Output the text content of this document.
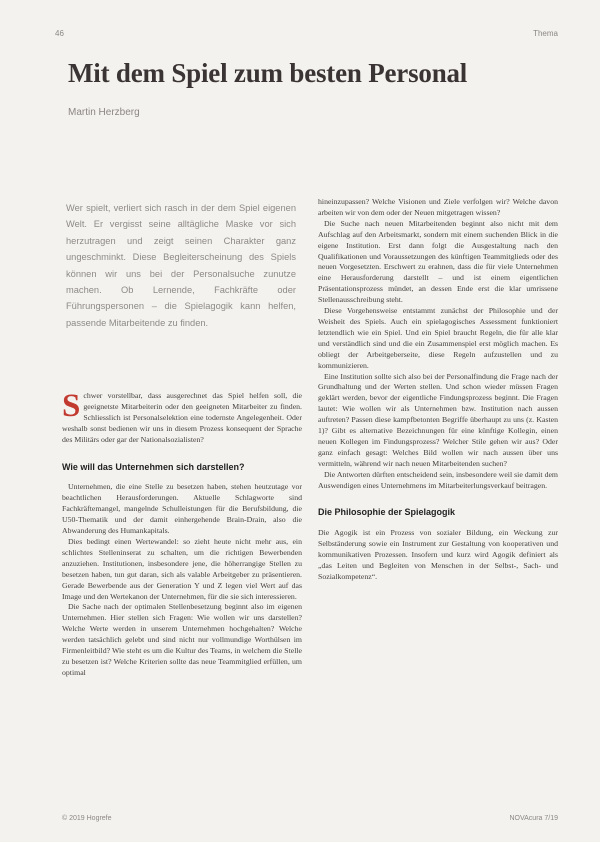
46	Thema
Mit dem Spiel zum besten Personal
Martin Herzberg
Wer spielt, verliert sich rasch in der dem Spiel eigenen Welt. Er vergisst seine alltägliche Maske vor sich herzutragen und zeigt seinen Charakter ganz ungeschminkt. Diese Begleiterscheinung des Spiels können wir uns bei der Personalsuche zunutze machen. Ob Lernende, Fachkräfte oder Führungspersonen – die Spielagogik kann helfen, passende Mitarbeitende zu finden.

Schwer vorstellbar, dass ausgerechnet das Spiel helfen soll, die geeignetste Mitarbeiterin oder den geeigneten Mitarbeiter zu finden. Schliesslich ist Personalselektion eine todernste Angelegenheit. Oder weshalb sonst bedienen wir uns in diesem Prozess konsequent der Sprache des Militärs oder gar der Nationalsozialisten?

Wie will das Unternehmen sich darstellen?

Unternehmen, die eine Stelle zu besetzen haben, stehen heutzutage vor beachtlichen Herausforderungen. Aktuelle Schlagworte sind Fachkräftemangel, mangelnde Schulleistungen für die Berufsbildung, die U50-Thematik und der damit einhergehende Brain-Drain, also die Abwanderung des Humankapitals.

Dies bedingt einen Wertewandel: so zieht heute nicht mehr aus, ein schlichtes Stelleninserat zu schalten, um die richtigen Bewerbenden anzuziehen. Institutionen, insbesondere jene, die höherrangige Stellen zu besetzen haben, tun gut daran, sich als valable Arbeitgeber zu präsentieren. Gerade Bewerbende aus der Generation Y und Z legen viel Wert auf das Image und den Wertekanon der Unternehmen, für die sie sich interessieren.

Die Sache nach der optimalen Stellenbesetzung beginnt also im eigenen Unternehmen. Hier stellen sich Fragen: Wie wollen wir uns darstellen? Welche Werte werden in unserem Unternehmen hochgehalten? Welche werden tatsächlich gelebt und sind nicht nur vollmundige Worthülsen im Firmenleitbild? Wie steht es um die Kultur des Teams, in welchem die Stelle zu besetzen ist? Welche Kriterien sollte das neue Teammitglied erfüllen, um optimal

hineinzupassen? Welche Visionen und Ziele verfolgen wir? Welche davon arbeiten wir von dem oder der Neuen mitgetragen wissen?

Die Suche nach neuen Mitarbeitenden beginnt also nicht mit dem Aufschlag auf den Arbeitsmarkt, sondern mit einem suchenden Blick in die eigene Institution. Erst dann folgt die Ausgestaltung nach den Qualifikationen und Voraussetzungen des künftigen Teammitglieds oder des neuen Vorgesetzten. Erschwert zu erahnen, dass die für viele Unternehmen eine Herausforderung darstellt – und ist einem eigentlichen Präsentationsprozess mündet, an dessen Ende erst die klar umrissene Stellenausschreibung steht.

Diese Vorgehensweise entstammt zunächst der Philosophie und der Weisheit des Spiels. Auch ein spielagogisches Assessment funktioniert letztendlich wie ein Spiel. Und ein Spiel braucht Regeln, die für alle klar und verständlich sind und die ein Zusammenspiel erst möglich machen. Es obliegt der Arbeitgeberseite, diese Regeln aufzustellen und zu kommunizieren.

Eine Institution sollte sich also bei der Personalfindung die Frage nach der Grundhaltung und der Werten stellen. Und schon wieder müssen Fragen geklärt werden, bevor der eigentliche Findungsprozess beginnt. Die Fragen lautet: Wie wollen wir als Unternehmen bzw. Institution nach aussen auftreten? Passen diese kampfbetonten Begriffe überhaupt zu uns (z. Kasten 1)? Gibt es alternative Bezeichnungen für eine künftige Kollegin, einen neuen Kollegen im Findungsprozess? Welcher Stile gehen wir aus? Oder ganz einfach gesagt: Welches Bild wollen wir nach aussen über uns vermitteln, während wir nach neuen Mitarbeitenden suchen?

Die Antworten dürften entscheidend sein, insbesondere weil sie damit dem Auswendigen eines Unternehmens im Mitarbeiterlungsverkauf beitragen.

Die Philosophie der Spielagogik

Die Agogik ist ein Prozess von sozialer Bildung, ein Weckung zur Selbständerung sowie ein Instrument zur Gestaltung von kooperativen und kommunikativen Prozessen. Insofern und kurz wird Agogik definiert als „das Leiten und Begleiten von Menschen in der Selbst-, Sach- und Sozialkompetenz“.

© 2019 Hogrefe	NOVAcura 7/19
